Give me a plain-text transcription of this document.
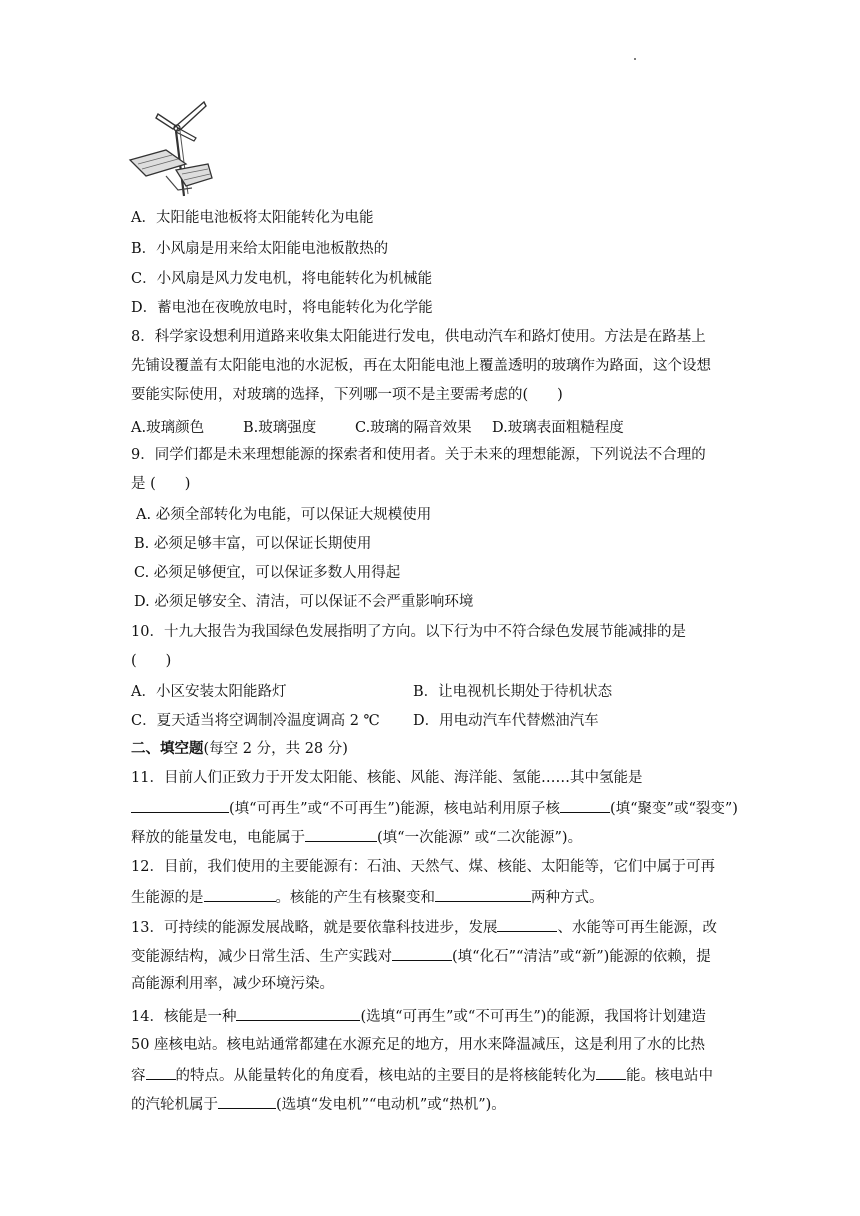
A．太阳能电池板将太阳能转化为电能
B．小风扇是用来给太阳能电池板散热的
C．小风扇是风力发电机，将电能转化为机械能
D．蓄电池在夜晚放电时，将电能转化为化学能
8．科学家设想利用道路来收集太阳能进行发电，供电动汽车和路灯使用。方法是在路基上
先铺设覆盖有太阳能电池的水泥板，再在太阳能电池上覆盖透明的玻璃作为路面，这个设想
要能实际使用，对玻璃的选择，下列哪一项不是主要需考虑的(　　)
A.玻璃颜色	B.玻璃强度	C.玻璃的隔音效果 D.玻璃表面粗糙程度
9．同学们都是未来理想能源的探索者和使用者。关于未来的理想能源，下列说法不合理的
是 (　　)
A. 必须全部转化为电能，可以保证大规模使用
B. 必须足够丰富，可以保证长期使用
C. 必须足够便宜，可以保证多数人用得起
D. 必须足够安全、清洁，可以保证不会严重影响环境
10．十九大报告为我国绿色发展指明了方向。以下行为中不符合绿色发展节能减排的是
(　　)
A．小区安装太阳能路灯	B．让电视机长期处于待机状态
C．夏天适当将空调制冷温度调高 2 ℃ D．用电动汽车代替燃油汽车
二、填空题(每空 2 分，共 28 分)
11．目前人们正致力于开发太阳能、核能、风能、海洋能、氢能……其中氢能是
(填“可再生”或“不可再生”)能源，核电站利用原子核	(填“聚变”或“裂变”)
释放的能量发电，电能属于	(填“一次能源” 或“二次能源”)。
12．目前，我们使用的主要能源有：石油、天然气、煤、核能、太阳能等，它们中属于可再
生能源的是	。核能的产生有核聚变和	两种方式。
13．可持续的能源发展战略，就是要依靠科技进步，发展	、水能等可再生能源，改
变能源结构，减少日常生活、生产实践对	(填“化石”“清洁”或“新”)能源的依赖，提
高能源利用率，减少环境污染。
14．核能是一种	(选填“可再生”或“不可再生”)的能源，我国将计划建造
50 座核电站。核电站通常都建在水源充足的地方，用水来降温减压，这是利用了水的比热
容 的特点。从能量转化的角度看，核电站的主要目的是将核能转化为 能。核电站中
的汽轮机属于	(选填“发电机”“电动机”或“热机”)。
